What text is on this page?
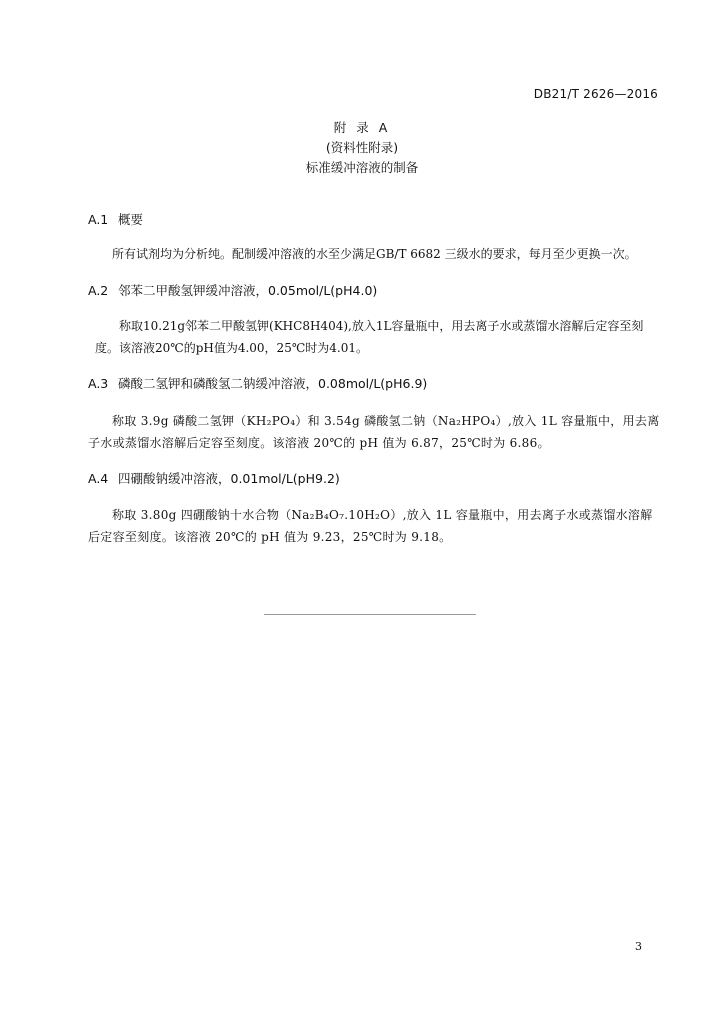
DB21/T 2626—2016
附 录 A
(资料性附录)
标准缓冲溶液的制备
A.1 概要
所有试剂均为分析纯。配制缓冲溶液的水至少满足GB/T 6682 三级水的要求，每月至少更换一次。
A.2 邻苯二甲酸氢钾缓冲溶液，0.05mol/L(pH4.0)
称取10.21g邻苯二甲酸氢钾(KHC8H404),放入1L容量瓶中，用去离子水或蒸馏水溶解后定容至刻度。该溶液20℃的pH值为4.00，25℃时为4.01。
A.3 磷酸二氢钾和磷酸氢二钠缓冲溶液，0.08mol/L(pH6.9)
称取 3.9g 磷酸二氢钾（KH₂PO₄）和 3.54g 磷酸氢二钠（Na₂HPO₄）,放入 1L 容量瓶中，用去离子水或蒸馏水溶解后定容至刻度。该溶液 20℃的 pH 值为 6.87，25℃时为 6.86。
A.4 四硼酸钠缓冲溶液，0.01mol/L(pH9.2)
称取 3.80g 四硼酸钠十水合物（Na₂B₄O₇.10H₂O）,放入 1L 容量瓶中，用去离子水或蒸馏水溶解后定容至刻度。该溶液 20℃的 pH 值为 9.23，25℃时为 9.18。
3
